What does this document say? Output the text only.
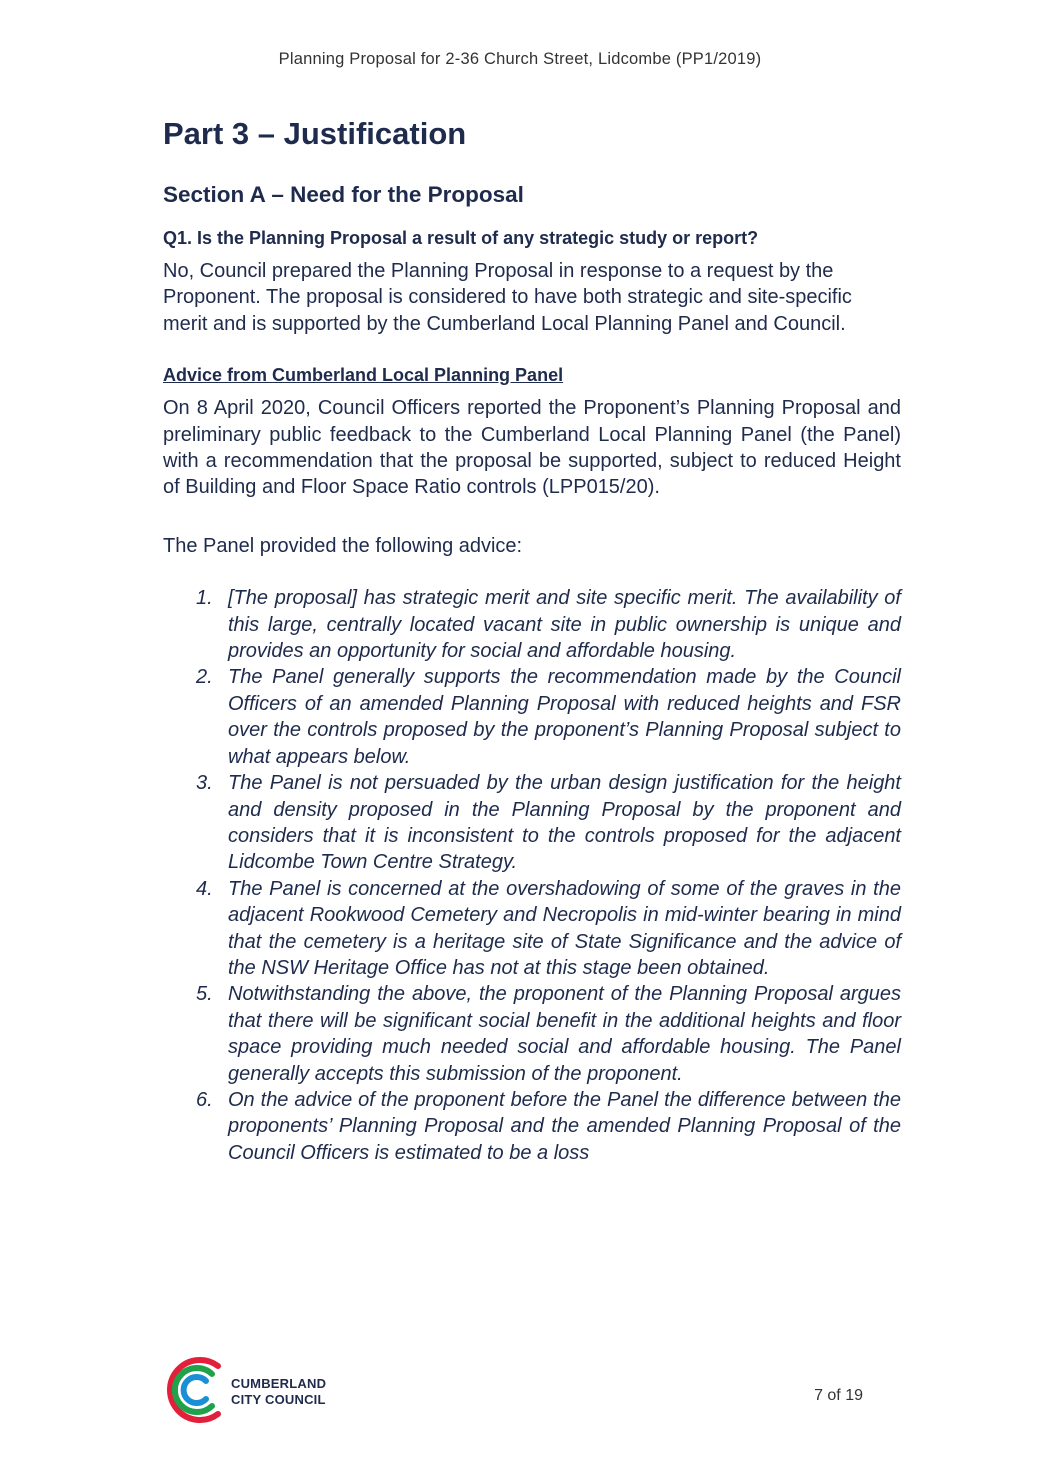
Planning Proposal for 2-36 Church Street, Lidcombe (PP1/2019)
Part 3 – Justification
Section A – Need for the Proposal
Q1. Is the Planning Proposal a result of any strategic study or report?

No, Council prepared the Planning Proposal in response to a request by the Proponent. The proposal is considered to have both strategic and site-specific merit and is supported by the Cumberland Local Planning Panel and Council.

Advice from Cumberland Local Planning Panel

On 8 April 2020, Council Officers reported the Proponent’s Planning Proposal and preliminary public feedback to the Cumberland Local Planning Panel (the Panel) with a recommendation that the proposal be supported, subject to reduced Height of Building and Floor Space Ratio controls (LPP015/20).

The Panel provided the following advice:

1. [The proposal] has strategic merit and site specific merit. The availability of this large, centrally located vacant site in public ownership is unique and provides an opportunity for social and affordable housing.
2. The Panel generally supports the recommendation made by the Council Officers of an amended Planning Proposal with reduced heights and FSR over the controls proposed by the proponent’s Planning Proposal subject to what appears below.
3. The Panel is not persuaded by the urban design justification for the height and density proposed in the Planning Proposal by the proponent and considers that it is inconsistent to the controls proposed for the adjacent Lidcombe Town Centre Strategy.
4. The Panel is concerned at the overshadowing of some of the graves in the adjacent Rookwood Cemetery and Necropolis in mid-winter bearing in mind that the cemetery is a heritage site of State Significance and the advice of the NSW Heritage Office has not at this stage been obtained.
5. Notwithstanding the above, the proponent of the Planning Proposal argues that there will be significant social benefit in the additional heights and floor space providing much needed social and affordable housing. The Panel generally accepts this submission of the proponent.
6. On the advice of the proponent before the Panel the difference between the proponents’ Planning Proposal and the amended Planning Proposal of the Council Officers is estimated to be a loss
CUMBERLAND
CITY COUNCIL	7 of 19
